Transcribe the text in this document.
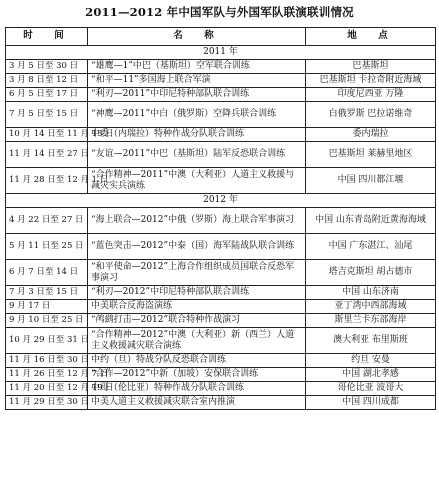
2011—2012 年中国军队与外国军队联演联训情况
时　间	名　称	地　点
2011 年		
3 月 5 日至 30 日	“雄鹰—1”中巴（基斯坦）空军联合训练	巴基斯坦
3 月 8 日至 12 日	“和平—11”多国海上联合军演	巴基斯坦 卡拉奇附近海域
6 月 5 日至 17 日	“利刃—2011”中印尼特种部队联合训练	印度尼西亚 万隆
7 月 5 日至 15 日	“神鹰—2011”中白（俄罗斯）空降兵联合训练	白俄罗斯 巴拉诺维奇
10 月 14 日至 11 月 13 日	中委（内瑞拉）特种作战分队联合训练	委内瑞拉
11 月 14 日至 27 日	“友谊—2011”中巴（基斯坦）陆军反恐联合训练	巴基斯坦 莱赫里地区
11 月 28 日至 12 月 1 日	“合作精神—2011”中澳（大利亚）人道主义救援与减灾实兵演练	中国 四川都江堰
2012 年		
4 月 22 日至 27 日	“海上联合—2012”中俄（罗斯）海上联合军事演习	中国 山东青岛附近黄海海域
5 月 11 日至 25 日	“蓝色突击—2012”中泰（国）海军陆战队联合训练	中国 广东湛江、汕尾
6 月 7 日至 14 日	“和平使命—2012”上海合作组织成员国联合反恐军事演习	塔吉克斯坦 胡占德市
7 月 3 日至 15 日	“利刃—2012”中印尼特种部队联合训练	中国 山东济南
9 月 17 日	中美联合反海盗演练	亚丁湾中西部海域
9 月 10 日至 25 日	“鸬鹚打击—2012”联合特种作战演习	斯里兰卡东部海岸
10 月 29 日至 31 日	“合作精神—2012”中澳（大利亚）新（西兰）人道主义救援减灾联合演练	澳大利亚 布里斯班
11 月 16 日至 30 日	中约（旦）特战分队反恐联合训练	约旦 安曼
11 月 26 日至 12 月 7 日	“合作—2012”中新（加坡）安保联合训练	中国 湖北孝感
11 月 20 日至 12 月 19 日	中哥（伦比亚）特种作战分队联合训练	哥伦比亚 波哥大
11 月 29 日至 30 日	中美人道主义救援减灾联合室内推演	中国 四川成都
